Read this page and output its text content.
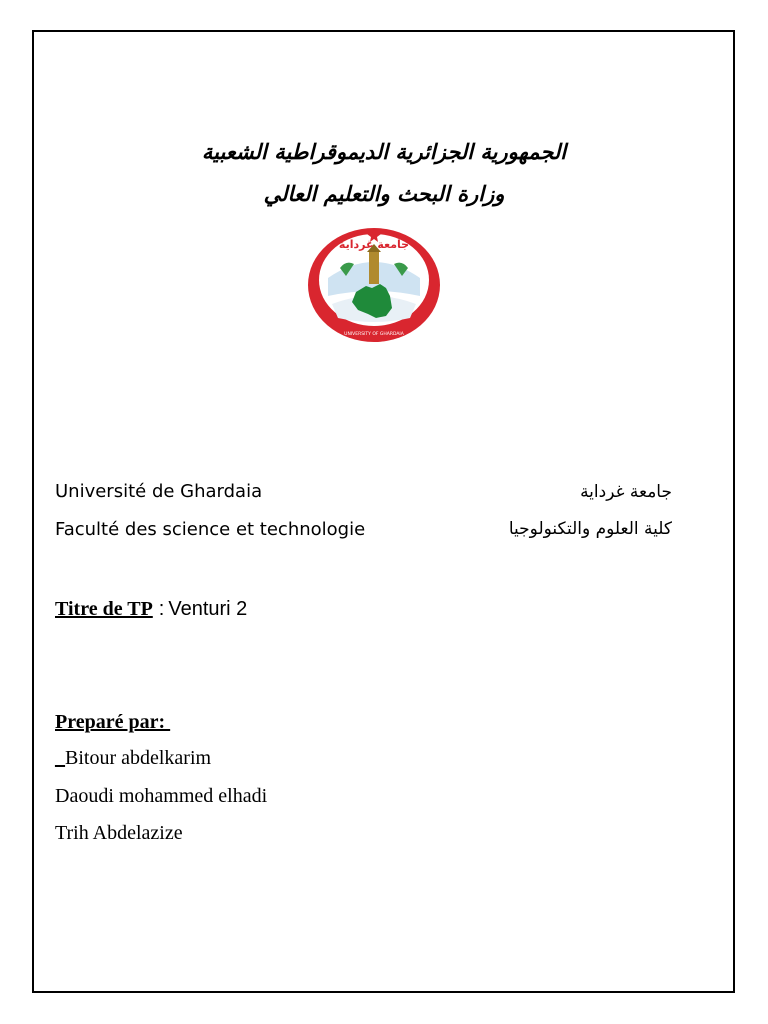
الجمهورية الجزائرية الديموقراطية الشعبية
وزارة البحث والتعليم العالي
جامعة غرداية
UNIVERSITY OF GHARDAIA
Université de Ghardaia
Faculté des science et technologie
جامعة غرداية
كلية العلوم والتكنولوجيا
Titre de TP : Venturi 2
Preparé par:
_Bitour abdelkarim
Daoudi mohammed elhadi
Trih Abdelazize
